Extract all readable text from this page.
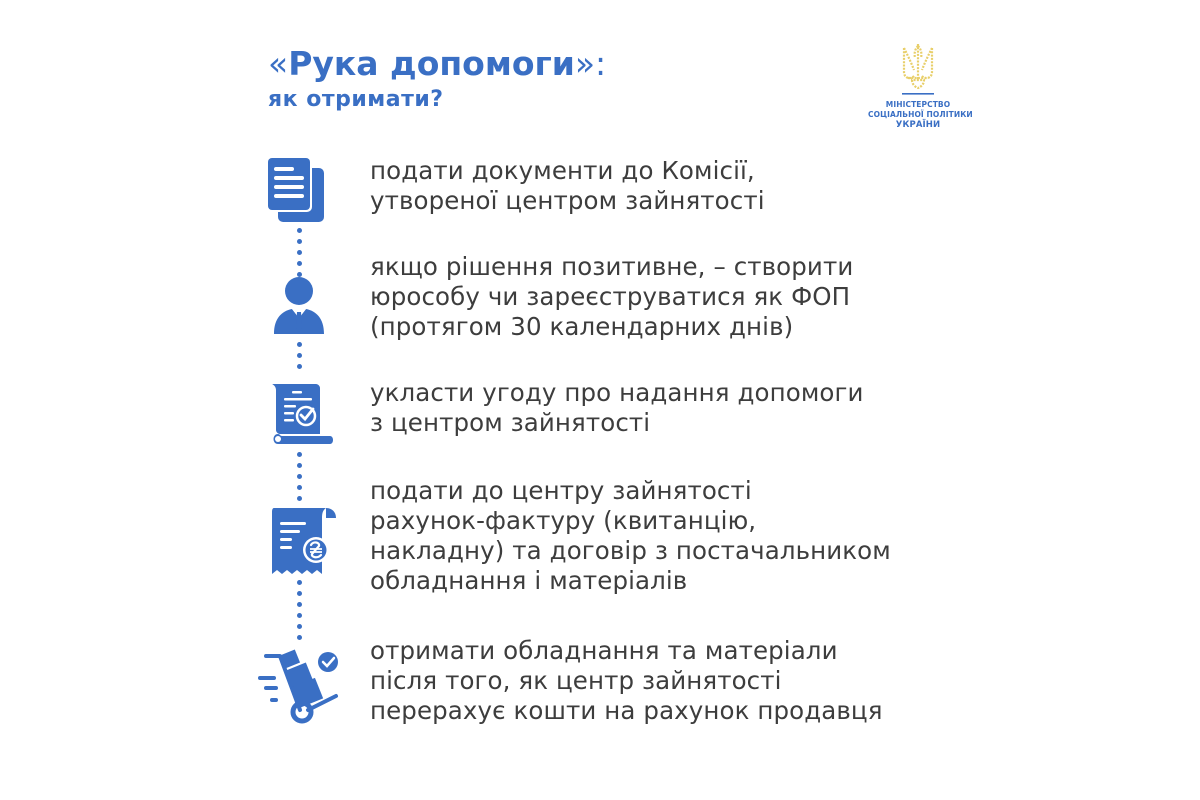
«Рука допомоги»:
як отримати?	МІНІСТЕРСТВО
СОЦІАЛЬНОЇ ПОЛІТИКИ
УКРАЇНИ
подати документи до Комісії,
утвореної центром зайнятості
якщо рішення позитивне, – створити
юрособу чи зареєструватися як ФОП
(протягом 30 календарних днів)
укласти угоду про надання допомоги
з центром зайнятості
подати до центру зайнятості
рахунок-фактуру (квитанцію,
накладну) та договір з постачальником
обладнання і матеріалів
отримати обладнання та матеріали
після того, як центр зайнятості
перерахує кошти на рахунок продавця
